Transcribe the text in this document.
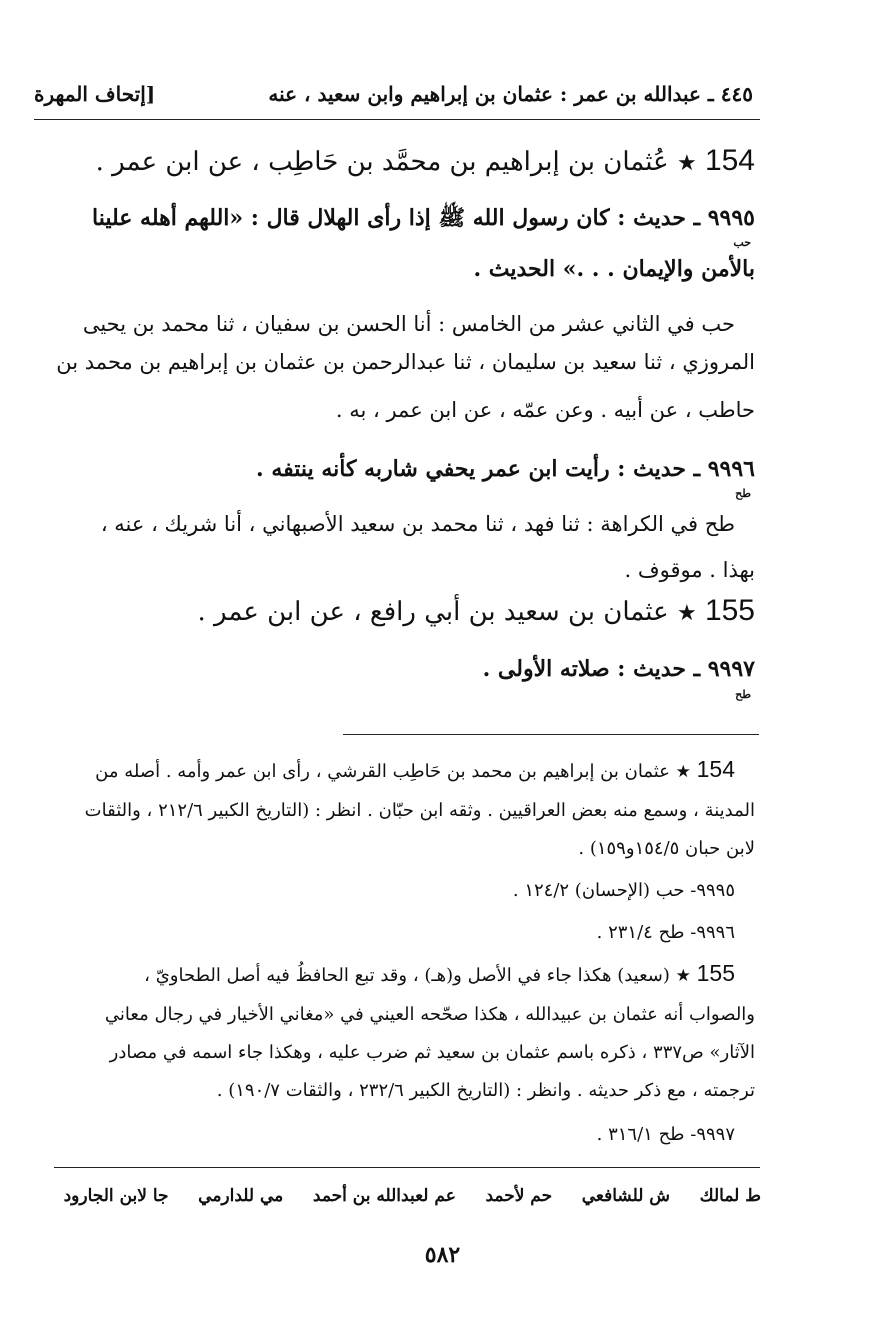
٤٤٥ ـ عبدالله بن عمر : عثمان بن إبراهيم وابن سعيد ، عنه
[إتحاف المهرة
154 ★ عُثمان بن إبراهيم بن محمَّد بن حَاطِب ، عن ابن عمر .
٩٩٩٥ ـ حديث : كان رسول الله ﷺ إذا رأى الهلال قال : «اللهم أهله علينا
حب
بالأمن والإيمان . . .» الحديث .
حب في الثاني عشر من الخامس : أنا الحسن بن سفيان ، ثنا محمد بن يحيى
المروزي ، ثنا سعيد بن سليمان ، ثنا عبدالرحمن بن عثمان بن إبراهيم بن محمد بن
حاطب ، عن أبيه . وعن عمّه ، عن ابن عمر ، به .
٩٩٩٦ ـ حديث : رأيت ابن عمر يحفي شاربه كأنه ينتفه .
طح
طح في الكراهة : ثنا فهد ، ثنا محمد بن سعيد الأصبهاني ، أنا شريك ، عنه ،
بهذا . موقوف .
155 ★ عثمان بن سعيد بن أبي رافع ، عن ابن عمر .
٩٩٩٧ ـ حديث : صلاته الأولى .
طح
154 ★ عثمان بن إبراهيم بن محمد بن حَاطِب القرشي ، رأى ابن عمر وأمه . أصله من
المدينة ، وسمع منه بعض العراقيين . وثقه ابن حبّان . انظر : (التاريخ الكبير ٢١٢/٦ ، والثقات
لابن حبان ١٥٤/٥و١٥٩) .
٩٩٩٥- حب (الإحسان) ١٢٤/٢ .
٩٩٩٦- طح ٢٣١/٤ .
155 ★ (سعيد) هكذا جاء في الأصل و(هـ) ، وقد تبع الحافظُ فيه أصل الطحاويّ ،
والصواب أنه عثمان بن عبيدالله ، هكذا صحّحه العيني في «مغاني الأخيار في رجال معاني
الآثار» ص٣٣٧ ، ذكره باسم عثمان بن سعيد ثم ضرب عليه ، وهكذا جاء اسمه في مصادر
ترجمته ، مع ذكر حديثه . وانظر : (التاريخ الكبير ٢٣٢/٦ ، والثقات ١٩٠/٧) .
٩٩٩٧- طح ٣١٦/١ .
ط لمالك     ش للشافعي     حم لأحمد     عم لعبدالله بن أحمد     مي للدارمي     جا لابن الجارود
٥٨٢
